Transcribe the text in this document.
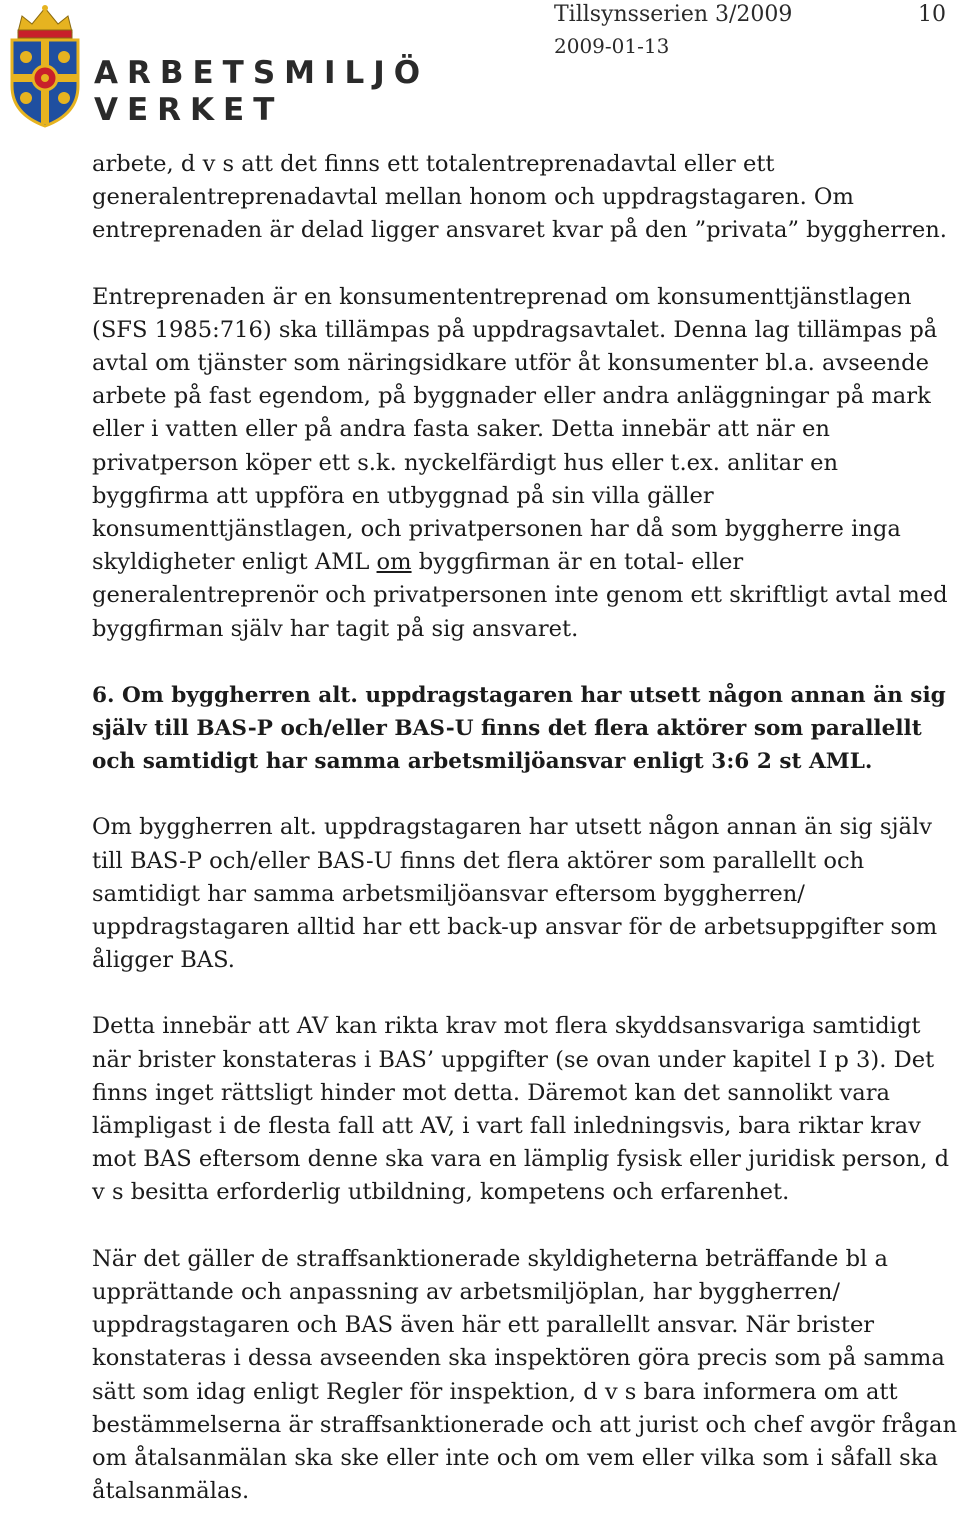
ARBETSMILJÖ
VERKET
Tillsynsserien 3/2009
2009-01-13
10

arbete, d v s att det finns ett totalentreprenadavtal eller ett generalentreprenadavtal mellan honom och uppdragstagaren. Om entreprenaden är delad ligger ansvaret kvar på den ”privata” byggherren.

Entreprenaden är en konsumententreprenad om konsumenttjänstlagen (SFS 1985:716) ska tillämpas på uppdragsavtalet. Denna lag tillämpas på avtal om tjänster som näringsidkare utför åt konsumenter bl.a. avseende arbete på fast egendom, på byggnader eller andra anläggningar på mark eller i vatten eller på andra fasta saker. Detta innebär att när en privatperson köper ett s.k. nyckelfärdigt hus eller t.ex. anlitar en byggfirma att uppföra en utbyggnad på sin villa gäller konsumenttjänstlagen, och privatpersonen har då som byggherre inga skyldigheter enligt AML om byggfirman är en total- eller generalentreprenör och privatpersonen inte genom ett skriftligt avtal med byggfirman själv har tagit på sig ansvaret.

6. Om byggherren alt. uppdragstagaren har utsett någon annan än sig själv till BAS-P och/eller BAS-U finns det flera aktörer som parallellt och samtidigt har samma arbetsmiljöansvar enligt 3:6 2 st AML.

Om byggherren alt. uppdragstagaren har utsett någon annan än sig själv till BAS-P och/eller BAS-U finns det flera aktörer som parallellt och samtidigt har samma arbetsmiljöansvar eftersom byggherren/ uppdragstagaren alltid har ett back-up ansvar för de arbetsuppgifter som åligger BAS.

Detta innebär att AV kan rikta krav mot flera skyddsansvariga samtidigt när brister konstateras i BAS’ uppgifter (se ovan under kapitel I p 3). Det finns inget rättsligt hinder mot detta. Däremot kan det sannolikt vara lämpligast i de flesta fall att AV, i vart fall inledningsvis, bara riktar krav mot BAS eftersom denne ska vara en lämplig fysisk eller juridisk person, d v s besitta erforderlig utbildning, kompetens och erfarenhet.

När det gäller de straffsanktionerade skyldigheterna beträffande bl a upprättande och anpassning av arbetsmiljöplan, har byggherren/ uppdragstagaren och BAS även här ett parallellt ansvar. När brister konstateras i dessa avseenden ska inspektören göra precis som på samma sätt som idag enligt Regler för inspektion, d v s bara informera om att bestämmelserna är straffsanktionerade och att jurist och chef avgör frågan om åtalsanmälan ska ske eller inte och om vem eller vilka som i såfall ska åtalsanmälas.
